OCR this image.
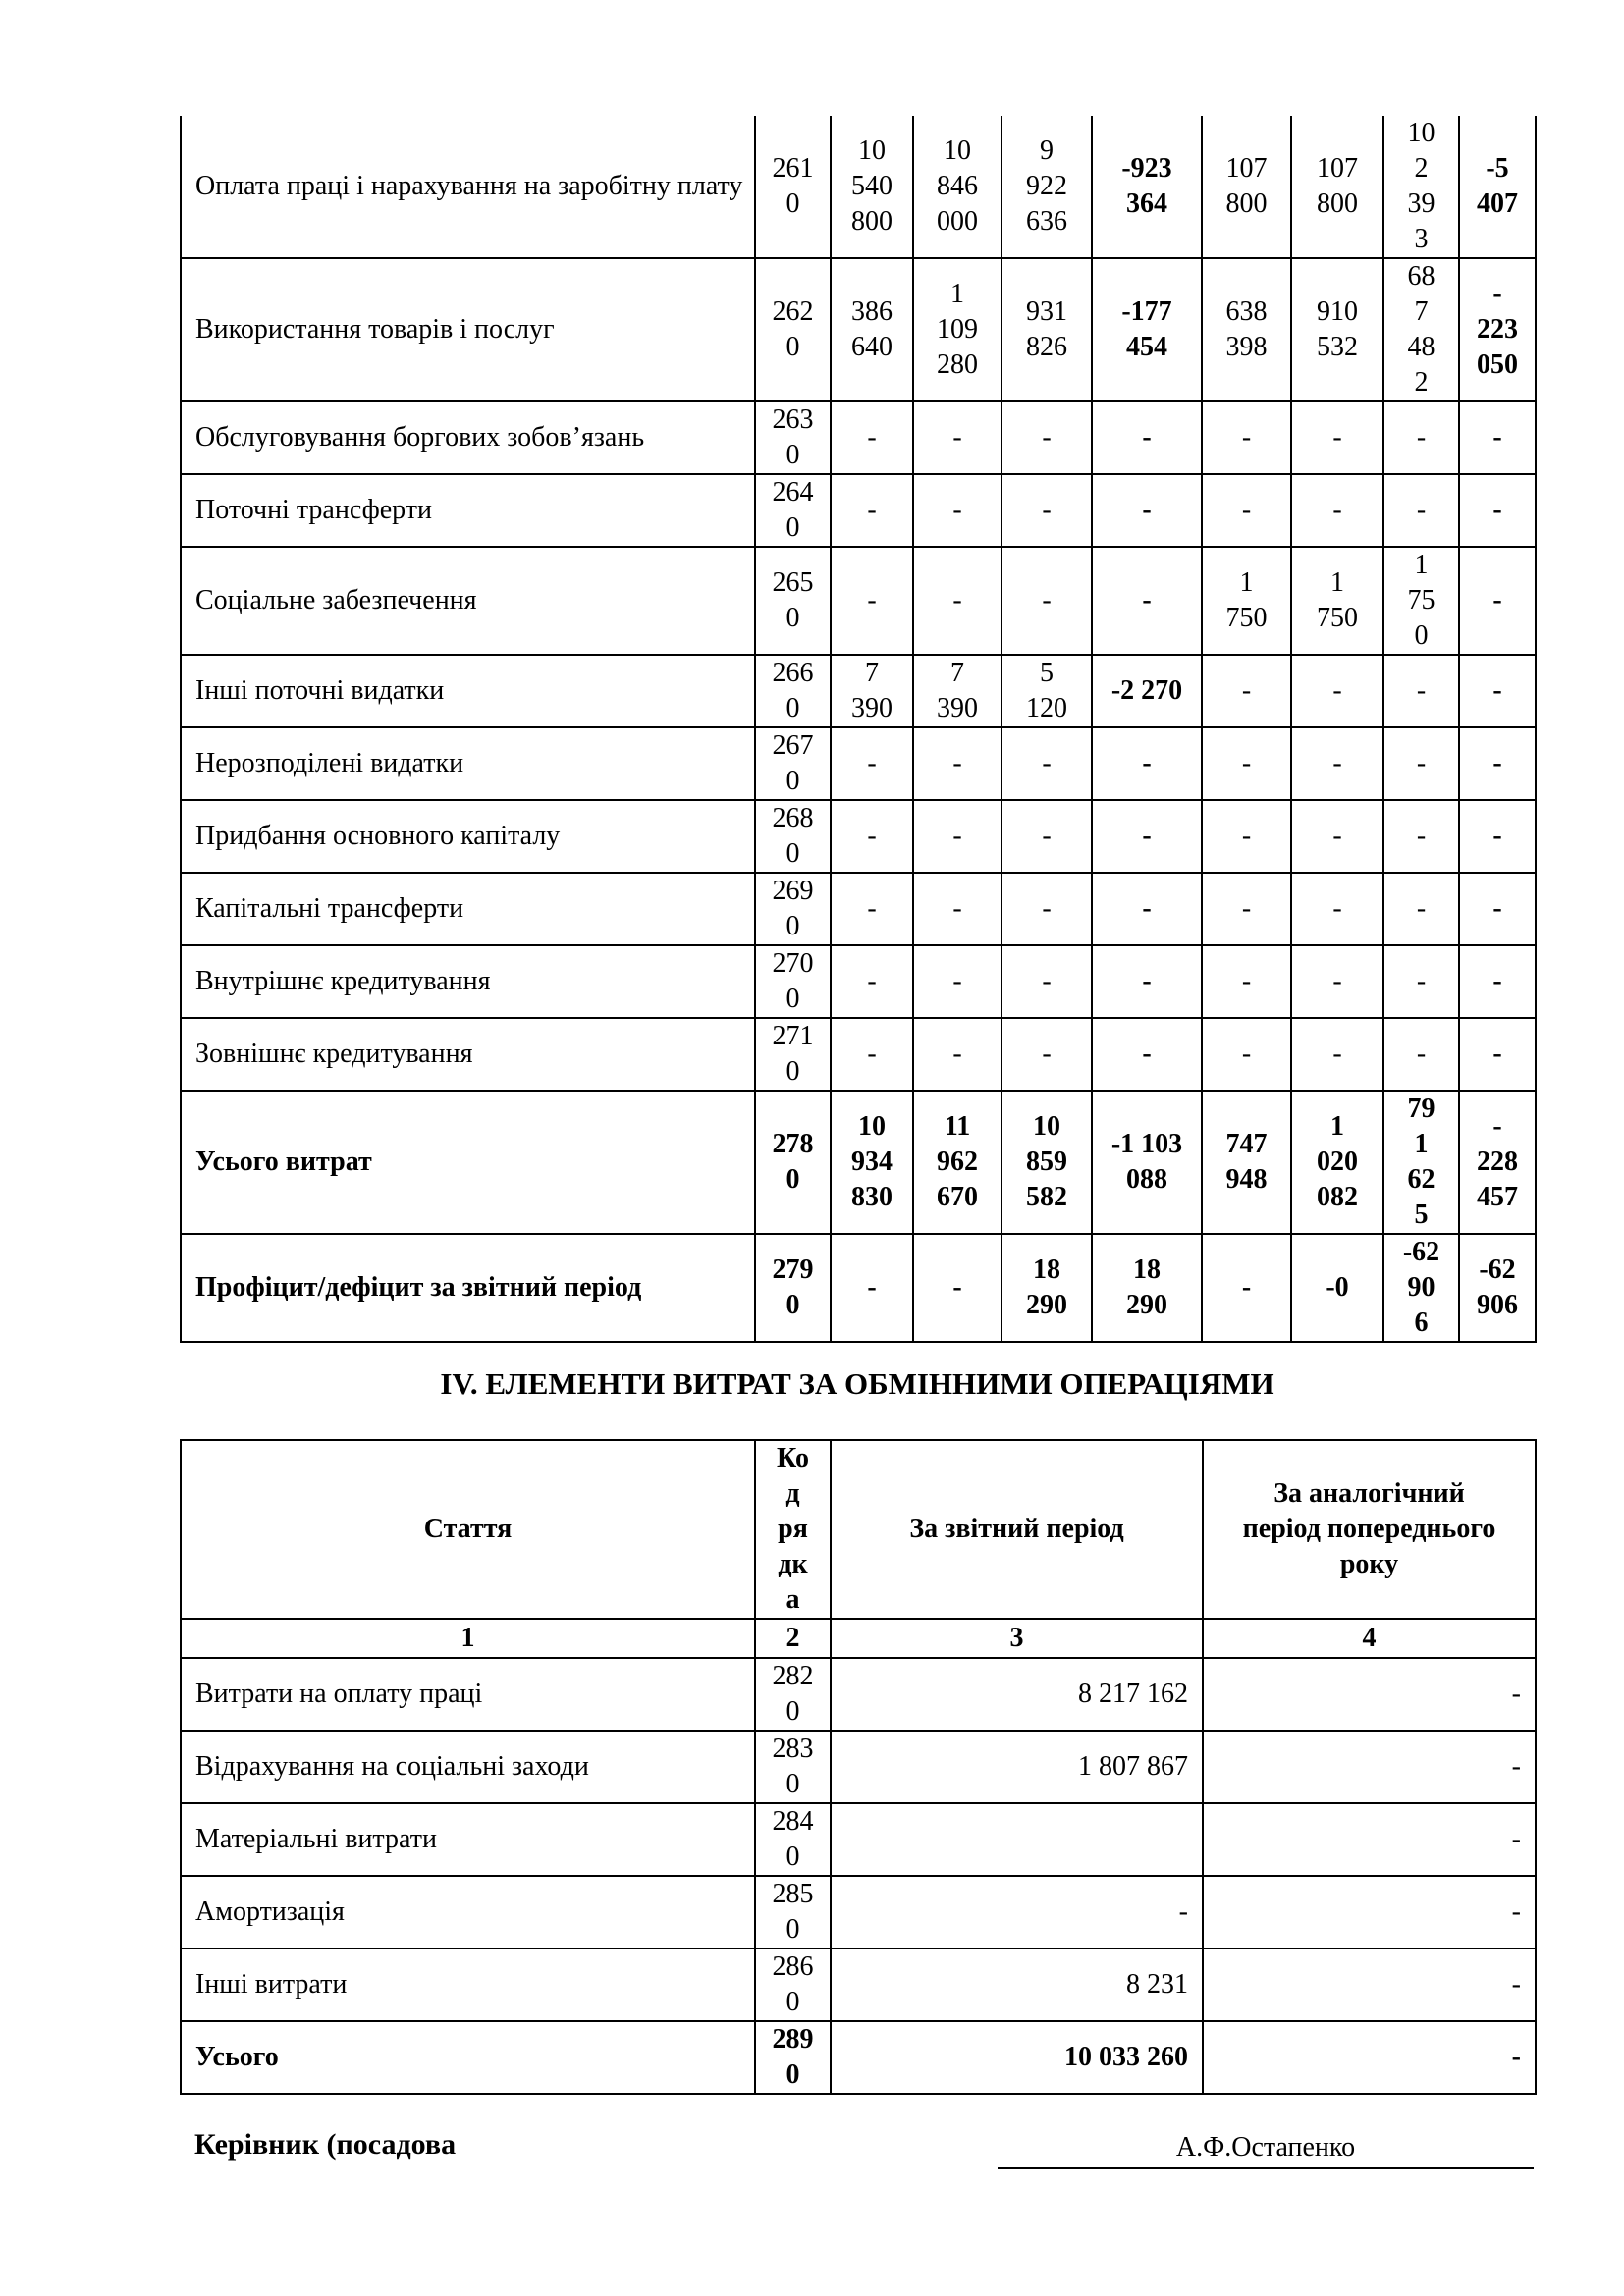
Оплата праці і нарахування на заробітну плату	261
0	10
540
800	10
846
000	9
922
636	-923
364	107
800	107
800	10
2
39
3	-5
407

Використання товарів і послуг	262
0	386
640	1
109
280	931
826	-177
454	638
398	910
532	68
7
48
2	-
223
050

Обслуговування боргових зобов’язань	263
0	-	-	-	-	-	-	-	-

Поточні трансферти	264
0	-	-	-	-	-	-	-	-

Соціальне забезпечення	265
0	-	-	-	-	1
750	1
750	1
75
0	-

Інші поточні видатки	266
0	7
390	7
390	5
120	-2 270	-	-	-	-

Нерозподілені видатки	267
0	-	-	-	-	-	-	-	-

Придбання основного капіталу	268
0	-	-	-	-	-	-	-	-

Капітальні трансферти	269
0	-	-	-	-	-	-	-	-

Внутрішнє кредитування	270
0	-	-	-	-	-	-	-	-

Зовнішнє кредитування	271
0	-	-	-	-	-	-	-	-

Усього витрат	278
0	10
934
830	11
962
670	10
859
582	-1 103
088	747
948	1
020
082	79
1
62
5	-
228
457

Профіцит/дефіцит за звітний період	279
0	-	-	18
290	18
290	-	-0	-62
90
6	-62
906
IV. ЕЛЕМЕНТИ ВИТРАТ ЗА ОБМІННИМИ ОПЕРАЦІЯМИ
Стаття	Ко
д
ря
дк
а	За звітний період	За аналогічний
період попереднього
року

1	2	3	4
Витрати на оплату праці	282
0	8 217 162	-
Відрахування на соціальні заходи	283
0	1 807 867	-
Матеріальні витрати	284
0		-
Амортизація	285
0	-	-
Інші витрати	286
0	8 231	-
Усього	289
0	10 033 260	-
Керівник (посадова	А.Ф.Остапенко
